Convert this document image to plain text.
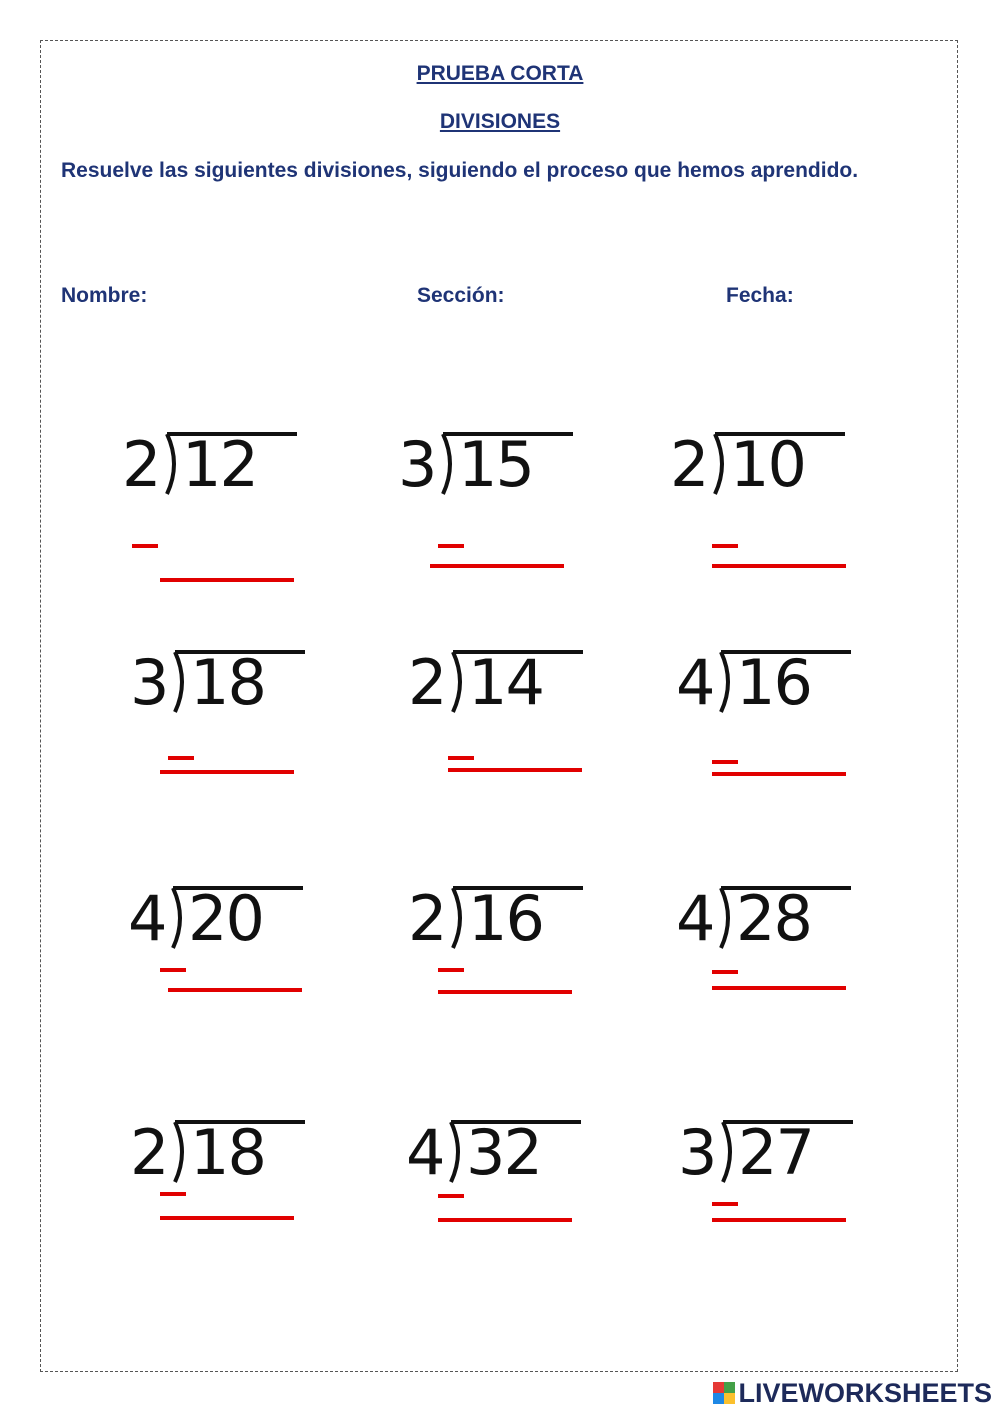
PRUEBA CORTA
DIVISIONES
Resuelve las siguientes divisiones, siguiendo el proceso que hemos aprendido.
Nombre:	Sección:	Fecha:
2 12 3 15 2 10
3 18 2 14 4 16
4 20 2 16 4 28
2 18 4 32 3 27
LIVEWORKSHEETS
